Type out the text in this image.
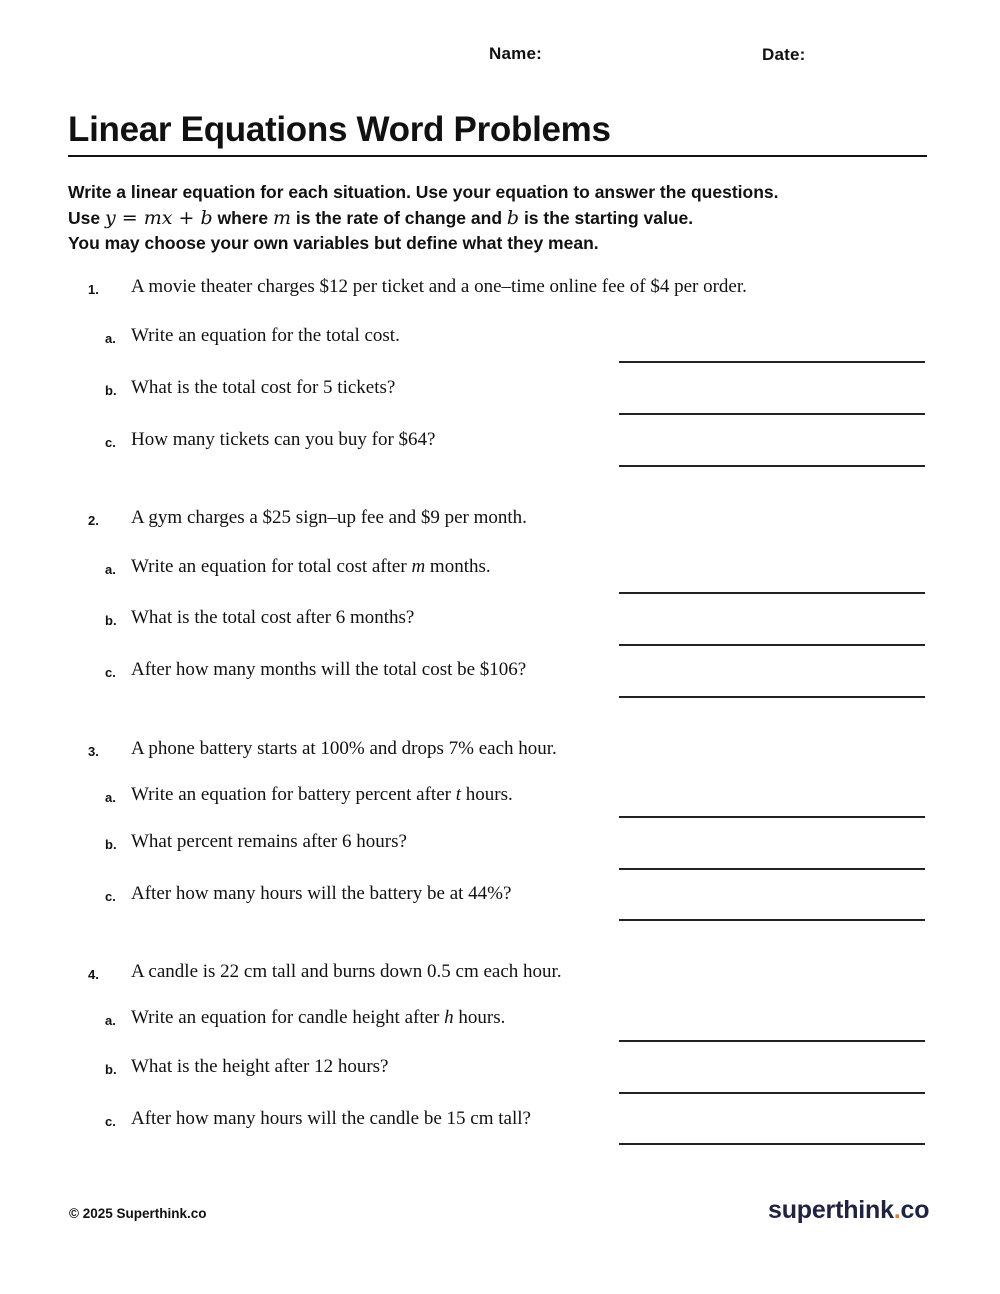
Name:	Date:
Linear Equations Word Problems
Write a linear equation for each situation. Use your equation to answer the questions.
Use y = mx + b where m is the rate of change and b is the starting value.
You may choose your own variables but define what they mean.
1. A movie theater charges $12 per ticket and a one–time online fee of $4 per order.
a. Write an equation for the total cost.
b. What is the total cost for 5 tickets?
c. How many tickets can you buy for $64?
2. A gym charges a $25 sign–up fee and $9 per month.
a. Write an equation for total cost after m months.
b. What is the total cost after 6 months?
c. After how many months will the total cost be $106?
3. A phone battery starts at 100% and drops 7% each hour.
a. Write an equation for battery percent after t hours.
b. What percent remains after 6 hours?
c. After how many hours will the battery be at 44%?
4. A candle is 22 cm tall and burns down 0.5 cm each hour.
a. Write an equation for candle height after h hours.
b. What is the height after 12 hours?
c. After how many hours will the candle be 15 cm tall?
© 2025 Superthink.co	superthink.co
